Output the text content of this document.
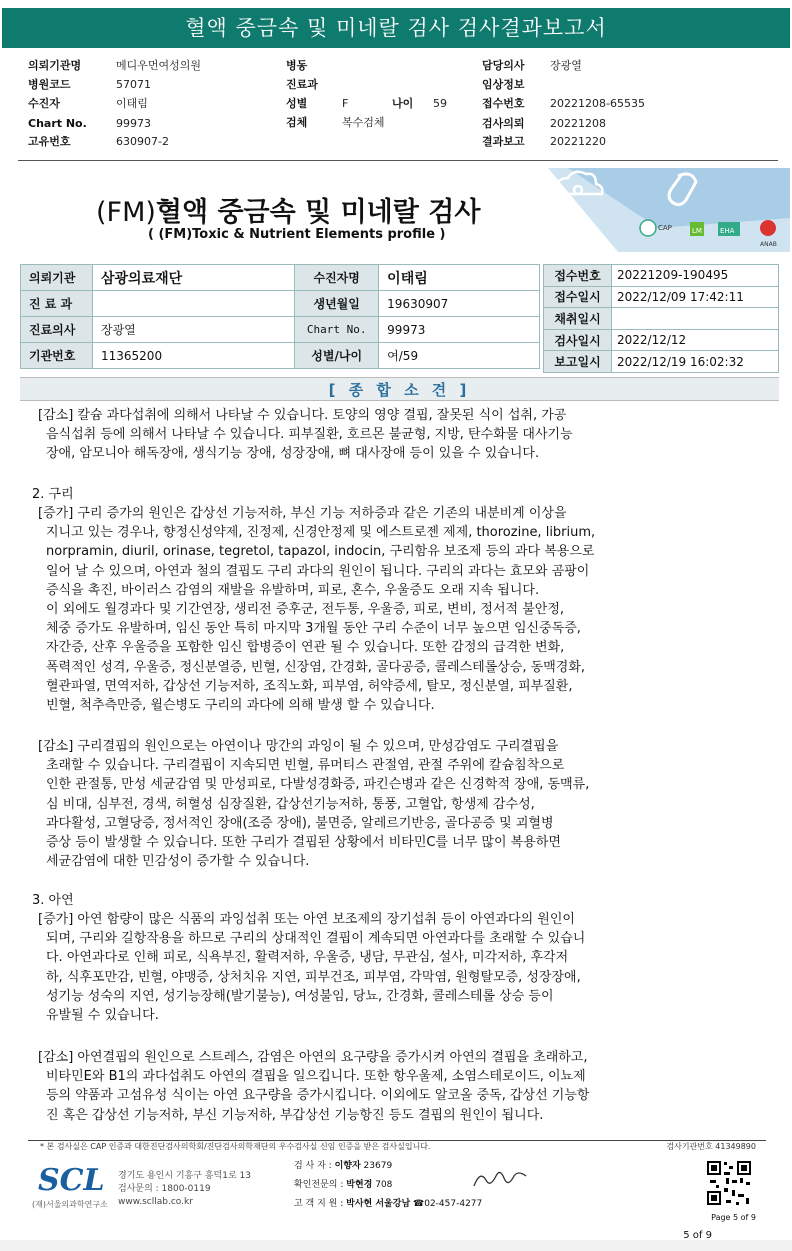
혈액 중금속 및 미네랄 검사 검사결과보고서
의뢰기관명	메디우먼여성의원
병원코드	57071
수진자	이태림
Chart No.	99973
고유번호	630907-2
병동
진료과
성별	F	나이 59
검체	복수검체
담당의사 장광열
임상정보
접수번호 20221208-65535
검사의뢰 20221208
결과보고 20221220
(FM)혈액 중금속 및 미네랄 검사
( (FM)Toxic & Nutrient Elements profile )	CAP	LM	EHA
ANAB
의뢰기관	삼광의료재단	수진자명	이태림
진 료 과		생년월일	19630907
진료의사	장광열	Chart No.	99973
기관번호	11365200	성별/나이	여/59
접수번호	20221209-190495
접수일시	2022/12/09 17:42:11
채취일시	
검사일시	2022/12/12
보고일시	2022/12/19 16:02:32
[ 종 합 소 견 ]
[감소] 칼슘 과다섭취에 의해서 나타날 수 있습니다. 토양의 영양 결핍, 잘못된 식이 섭취, 가공
음식섭취 등에 의해서 나타날 수 있습니다. 피부질환, 호르몬 불균형, 지방, 탄수화물 대사기능
장애, 암모니아 해독장애, 생식기능 장애, 성장장애, 뼈 대사장애 등이 있을 수 있습니다.
2. 구리
[증가] 구리 증가의 원인은 갑상선 기능저하, 부신 기능 저하증과 같은 기존의 내분비계 이상을
지니고 있는 경우나, 향정신성약제, 진정제, 신경안정제 및 에스트로젠 제제, thorozine, librium,
norpramin, diuril, orinase, tegretol, tapazol, indocin, 구리함유 보조제 등의 과다 복용으로
일어 날 수 있으며, 아연과 철의 결핍도 구리 과다의 원인이 됩니다. 구리의 과다는 효모와 곰팡이
증식을 촉진, 바이러스 감염의 재발을 유발하며, 피로, 혼수, 우울증도 오래 지속 됩니다.
이 외에도 월경과다 및 기간연장, 생리전 증후군, 전두통, 우울증, 피로, 변비, 정서적 불안정,
체중 증가도 유발하며, 임신 동안 특히 마지막 3개월 동안 구리 수준이 너무 높으면 임신중독증,
자간증, 산후 우울증을 포함한 임신 합병증이 연관 될 수 있습니다. 또한 감정의 급격한 변화,
폭력적인 성격, 우울증, 정신분열증, 빈혈, 신장염, 간경화, 골다공증, 콜레스테롤상승, 동맥경화,
혈관파열, 면역저하, 갑상선 기능저하, 조직노화, 피부염, 허약증세, 탈모, 정신분열, 피부질환,
빈혈, 척추측만증, 윌슨병도 구리의 과다에 의해 발생 할 수 있습니다.
[감소] 구리결핍의 원인으로는 아연이나 망간의 과잉이 될 수 있으며, 만성감염도 구리결핍을
초래할 수 있습니다. 구리결핍이 지속되면 빈혈, 류머티스 관절염, 관절 주위에 칼슘침착으로
인한 관절통, 만성 세균감염 및 만성피로, 다발성경화증, 파킨슨병과 같은 신경학적 장애, 동맥류,
심 비대, 심부전, 경색, 허혈성 심장질환, 갑상선기능저하, 통풍, 고혈압, 항생제 감수성,
과다활성, 고혈당증, 정서적인 장애(조증 장애), 불면증, 알레르기반응, 골다공증 및 괴혈병
증상 등이 발생할 수 있습니다. 또한 구리가 결핍된 상황에서 비타민C를 너무 많이 복용하면
세균감염에 대한 민감성이 증가할 수 있습니다.
3. 아연
[증가] 아연 함량이 많은 식품의 과잉섭취 또는 아연 보조제의 장기섭취 등이 아연과다의 원인이
되며, 구리와 길항작용을 하므로 구리의 상대적인 결핍이 계속되면 아연과다를 초래할 수 있습니
다. 아연과다로 인해 피로, 식욕부진, 활력저하, 우울증, 냉담, 무관심, 설사, 미각저하, 후각저
하, 식후포만감, 빈혈, 야맹증, 상처치유 지연, 피부건조, 피부염, 각막염, 원형탈모증, 성장장애,
성기능 성숙의 지연, 성기능장해(발기불능), 여성불임, 당뇨, 간경화, 콜레스테롤 상승 등이
유발될 수 있습니다.
[감소] 아연결핍의 원인으로 스트레스, 감염은 아연의 요구량을 증가시켜 아연의 결핍을 초래하고,
비타민E와 B1의 과다섭취도 아연의 결핍을 일으킵니다. 또한 항우울제, 소염스테로이드, 이뇨제
등의 약품과 고섬유성 식이는 아연 요구량을 증가시킵니다. 이외에도 알코올 중독, 갑상선 기능항
진 혹은 갑상선 기능저하, 부신 기능저하, 부갑상선 기능항진 등도 결핍의 원인이 됩니다.
* 본 검사실은 CAP 인증과 대한진단검사의학회/진단검사의학재단의 우수검사실 신임 인증을 받은 검사실입니다.	검사기관번호 41349890
SCL
(재)서울의과학연구소
경기도 용인시 기흥구 흥덕1로 13
검사문의 : 1800-0119
www.scllab.co.kr
검 사 자 : 이향자 23679
확인전문의 : 박현경 708
고 객 지 원 : 박사현 서울강남 ☎02-457-4277
Page 5 of 9
5 of 9
